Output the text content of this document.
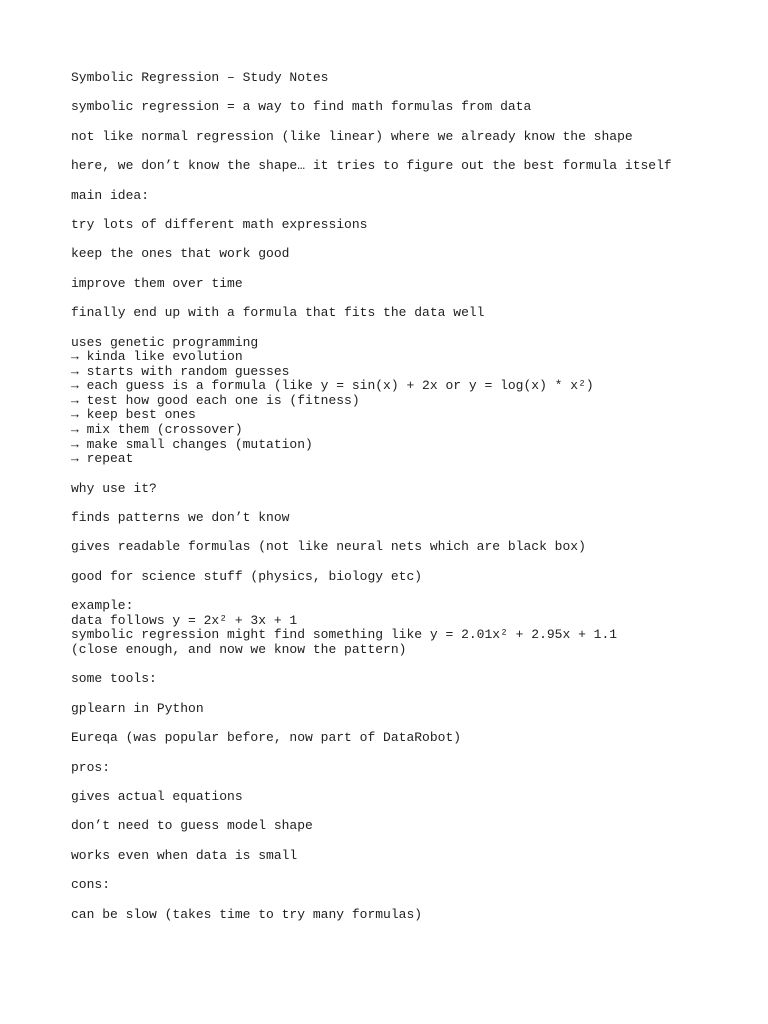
Symbolic Regression – Study Notes
symbolic regression = a way to find math formulas from data
not like normal regression (like linear) where we already know the shape
here, we don’t know the shape… it tries to figure out the best formula itself
main idea:
try lots of different math expressions
keep the ones that work good
improve them over time
finally end up with a formula that fits the data well
uses genetic programming
→ kinda like evolution
→ starts with random guesses
→ each guess is a formula (like y = sin(x) + 2x or y = log(x) * x²)
→ test how good each one is (fitness)
→ keep best ones
→ mix them (crossover)
→ make small changes (mutation)
→ repeat
why use it?
finds patterns we don’t know
gives readable formulas (not like neural nets which are black box)
good for science stuff (physics, biology etc)
example:
data follows y = 2x² + 3x + 1
symbolic regression might find something like y = 2.01x² + 2.95x + 1.1
(close enough, and now we know the pattern)
some tools:
gplearn in Python
Eureqa (was popular before, now part of DataRobot)
pros:
gives actual equations
don’t need to guess model shape
works even when data is small
cons:
can be slow (takes time to try many formulas)
